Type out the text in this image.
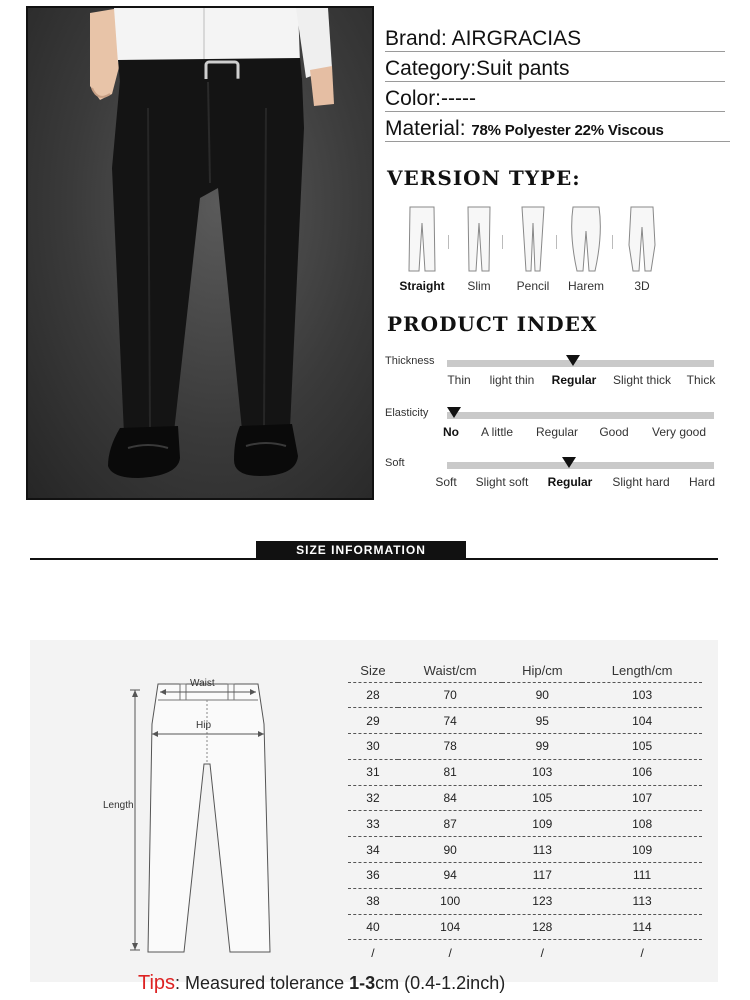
Brand: AIRGRACIAS
Category:Suit pants
Color:-----
Material: 78% Polyester 22% Viscous
VERSION TYPE:
Straight	Slim	Pencil	Harem	3D
PRODUCT INDEX
Thickness
Thin light thin Regular Slight thick Thick
Elasticity
No A little Regular Good Very good
Soft
Soft Slight soft Regular Slight hard Hard
SIZE INFORMATION
Waist
Hip
Length
Size	Waist/cm	Hip/cm	Length/cm
28	70	90	103
29	74	95	104
30	78	99	105
31	81	103	106
32	84	105	107
33	87	109	108
34	90	113	109
36	94	117	111
38	100	123	113
40	104	128	114
/	/	/	/
Tips: Measured tolerance 1-3cm (0.4-1.2inch)
